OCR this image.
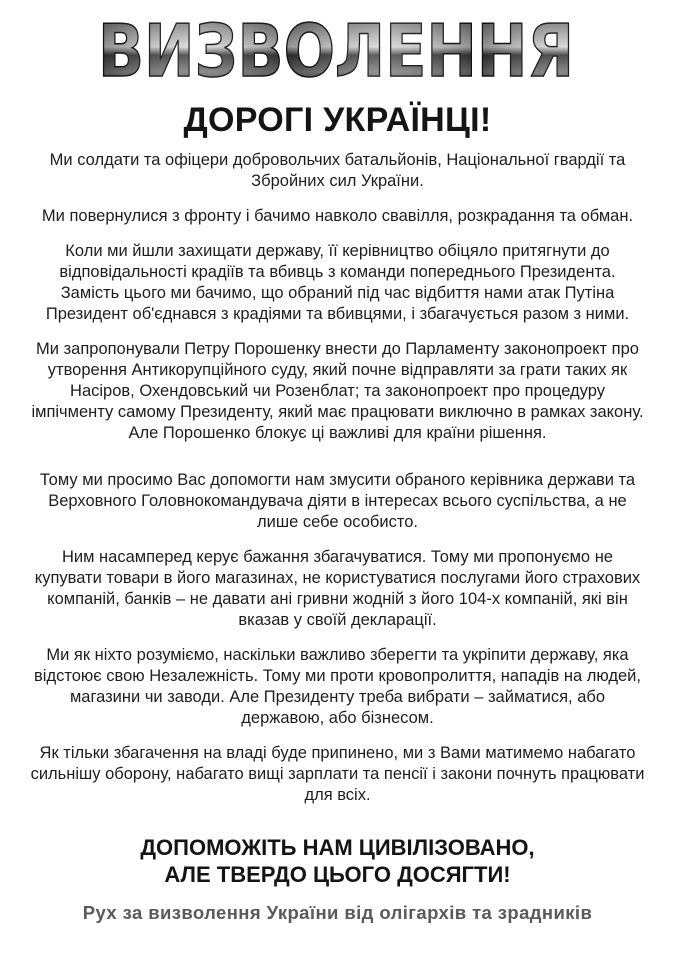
ВИЗВОЛЕННЯ
ВИЗВОЛЕННЯ
ДОРОГІ УКРАЇНЦІ!

Ми солдати та офіцери добровольчих батальйонів, Національної гвардії та Збройних сил України.

Ми повернулися з фронту і бачимо навколо свавілля, розкрадання та обман.

Коли ми йшли захищати державу, її керівництво обіцяло притягнути до відповідальності крадіїв та вбивць з команди попереднього Президента. Замість цього ми бачимо, що обраний під час відбиття нами атак Путіна Президент об'єднався з крадіями та вбивцями, і збагачується разом з ними.

Ми запропонували Петру Порошенку внести до Парламенту законопроект про утворення Антикорупційного суду, який почне відправляти за грати таких як Насіров, Охендовський чи Розенблат; та законопроект про процедуру імпічменту самому Президенту, який має працювати виключно в рамках закону. Але Порошенко блокує ці важливі для країни рішення.

Тому ми просимо Вас допомогти нам змусити обраного керівника держави та Верховного Головнокомандувача діяти в інтересах всього суспільства, а не лише себе особисто.

Ним насамперед керує бажання збагачуватися. Тому ми пропонуємо не купувати товари в його магазинах, не користуватися послугами його страхових компаній, банків – не давати ані гривни жодній з його 104-х компаній, які він вказав у своїй декларації.

Ми як ніхто розуміємо, наскільки важливо зберегти та укріпити державу, яка відстоює свою Незалежність. Тому ми проти кровопролиття, нападів на людей, магазини чи заводи. Але Президенту треба вибрати – займатися, або державою, або бізнесом.

Як тільки збагачення на владі буде припинено, ми з Вами матимемо набагато сильнішу оборону, набагато вищі зарплати та пенсії і закони почнуть працювати для всіх.

ДОПОМОЖІТЬ НАМ ЦИВІЛІЗОВАНО,
АЛЕ ТВЕРДО ЦЬОГО ДОСЯГТИ!
Рух за визволення України від олігархів та зрадників
